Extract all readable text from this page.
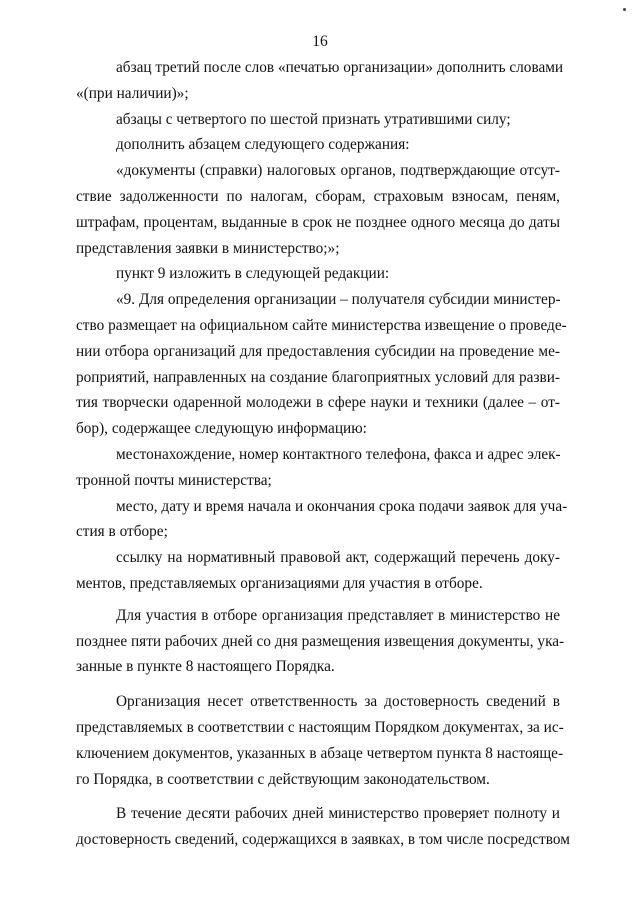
16
абзац третий после слов «печатью организации» дополнить словами
«(при наличии)»;
абзацы с четвертого по шестой признать утратившими силу;
дополнить абзацем следующего содержания:
«документы (справки) налоговых органов, подтверждающие отсут-
ствие задолженности по налогам, сборам, страховым взносам, пеням,
штрафам, процентам, выданные в срок не позднее одного месяца до даты
представления заявки в министерство;»;
пункт 9 изложить в следующей редакции:
«9. Для определения организации – получателя субсидии министер-
ство размещает на официальном сайте министерства извещение о проведе-
нии отбора организаций для предоставления субсидии на проведение ме-
роприятий, направленных на создание благоприятных условий для разви-
тия творчески одаренной молодежи в сфере науки и техники (далее – от-
бор), содержащее следующую информацию:
местонахождение, номер контактного телефона, факса и адрес элек-
тронной почты министерства;
место, дату и время начала и окончания срока подачи заявок для уча-
стия в отборе;
ссылку на нормативный правовой акт, содержащий перечень доку-
ментов, представляемых организациями для участия в отборе.
Для участия в отборе организация представляет в министерство не
позднее пяти рабочих дней со дня размещения извещения документы, ука-
занные в пункте 8 настоящего Порядка.
Организация несет ответственность за достоверность сведений в
представляемых в соответствии с настоящим Порядком документах, за ис-
ключением документов, указанных в абзаце четвертом пункта 8 настояще-
го Порядка, в соответствии с действующим законодательством.
В течение десяти рабочих дней министерство проверяет полноту и
достоверность сведений, содержащихся в заявках, в том числе посредством
